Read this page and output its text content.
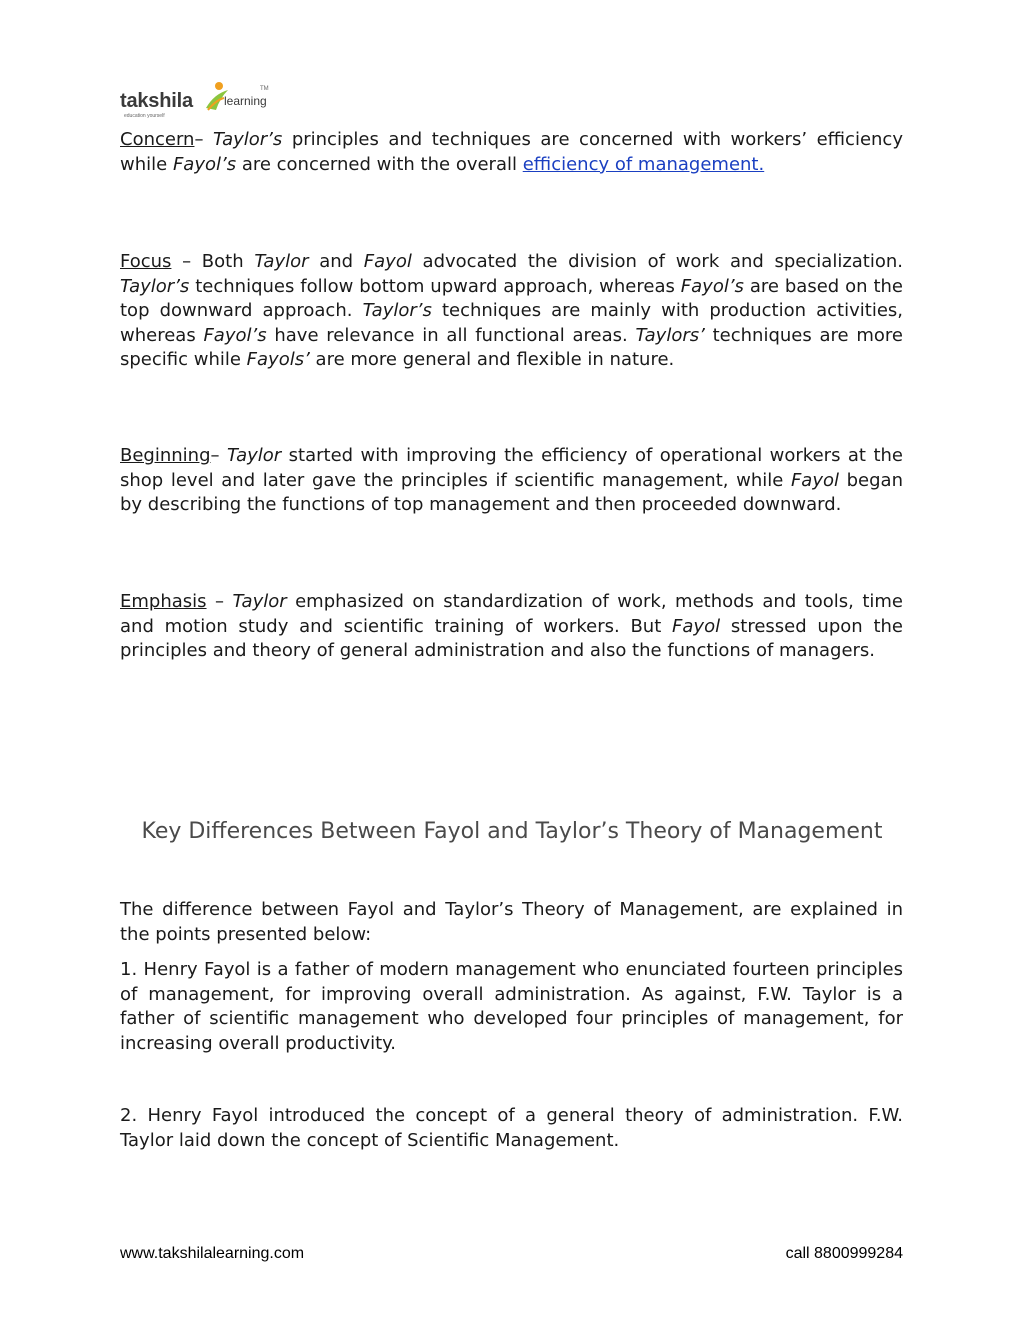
takshila	learning
TM
education yourself

Concern– Taylor’s principles and techniques are concerned with workers’ efficiency while Fayol’s are concerned with the overall efficiency of management.

Focus – Both Taylor and Fayol advocated the division of work and specialization. Taylor’s techniques follow bottom upward approach, whereas Fayol’s are based on the top downward approach. Taylor’s techniques are mainly with production activities, whereas Fayol’s have relevance in all functional areas. Taylors’ techniques are more specific while Fayols’ are more general and flexible in nature.

Beginning– Taylor started with improving the efficiency of operational workers at the shop level and later gave the principles if scientific management, while Fayol began by describing the functions of top management and then proceeded downward.

Emphasis – Taylor emphasized on standardization of work, methods and tools, time and motion study and scientific training of workers. But Fayol stressed upon the principles and theory of general administration and also the functions of managers.

Key Differences Between Fayol and Taylor’s Theory of Management

The difference between Fayol and Taylor’s Theory of Management, are explained in the points presented below:

1. Henry Fayol is a father of modern management who enunciated fourteen principles of management, for improving overall administration. As against, F.W. Taylor is a father of scientific management who developed four principles of management, for increasing overall productivity.

2. Henry Fayol introduced the concept of a general theory of administration. F.W. Taylor laid down the concept of Scientific Management.

www.takshilalearning.com	call 8800999284
